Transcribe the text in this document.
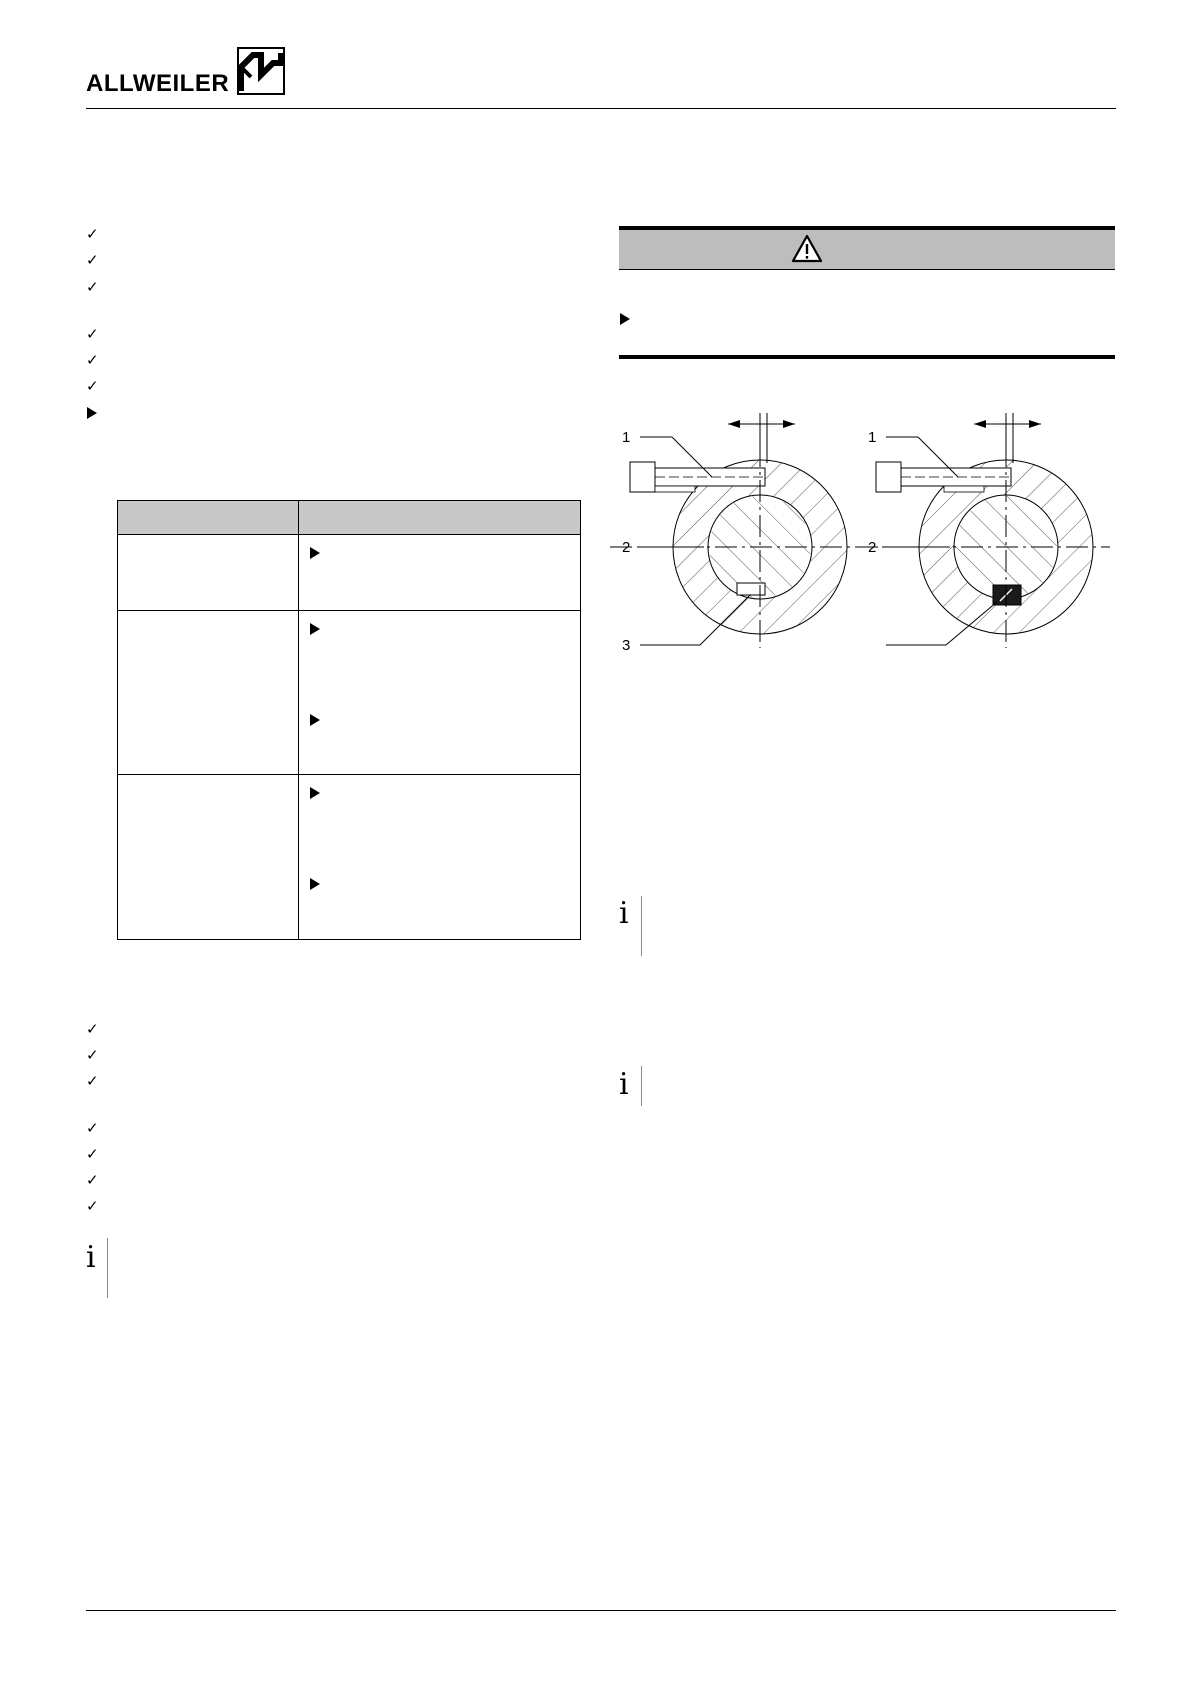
ALLWEILER
✓
✓
✓
✓
✓
✓

✓
✓
✓
✓
✓
✓
✓
i
1
2
3
1
2
i
i
